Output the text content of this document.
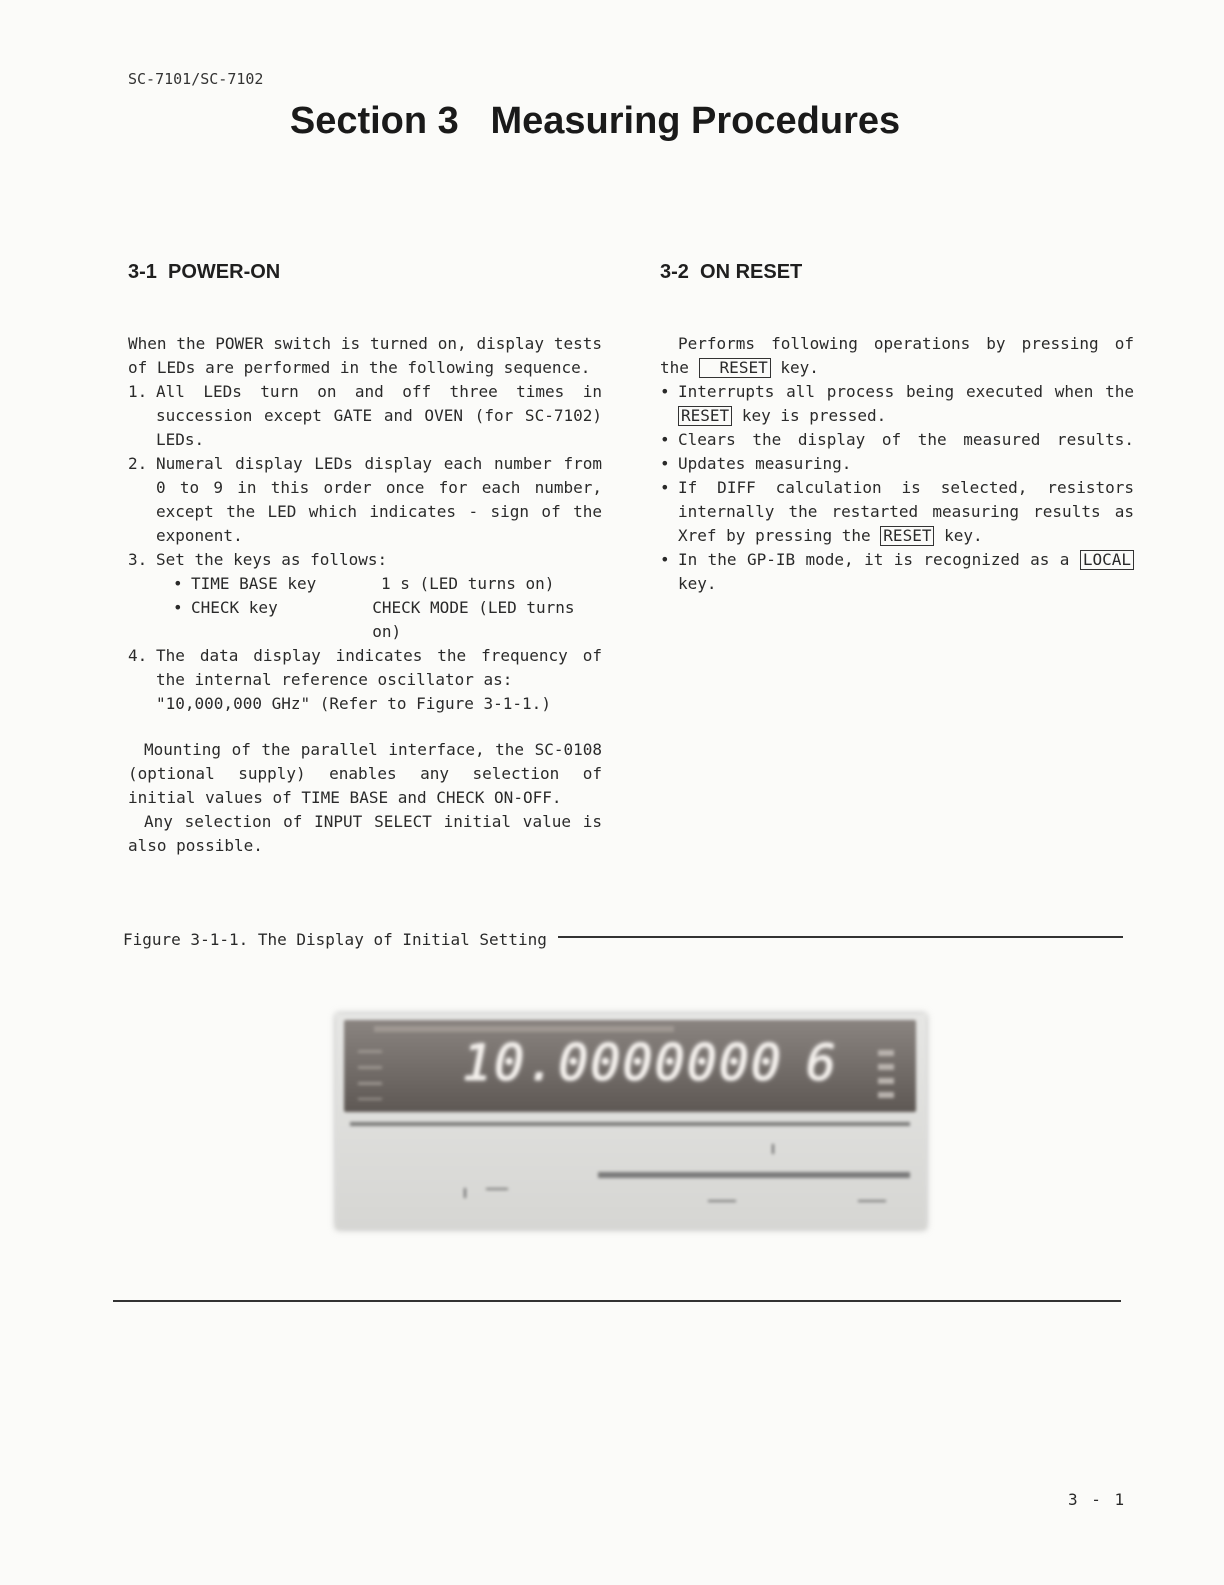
SC-7101/SC-7102
Section 3   Measuring Procedures
3-1  POWER-ON

When the POWER switch is turned on, display tests of LEDs are performed in the following sequence.

1. All LEDs turn on and off three times in succession except GATE and OVEN (for SC-7102) LEDs.

2. Numeral display LEDs display each number from 0 to 9 in this order once for each number, except the LED which indicates - sign of the exponent.

3. Set the keys as follows:

• TIME BASE key	1 s (LED turns on)
• CHECK key	CHECK MODE (LED turns on)

4. The data display indicates the frequency of the internal reference oscillator as:

"10,000,000 GHz" (Refer to Figure 3-1-1.)

Mounting of the parallel interface, the SC-0108 (optional supply) enables any selection of initial values of TIME BASE and CHECK ON-OFF.

Any selection of INPUT SELECT initial value is also possible.

3-2  ON RESET

Performs following operations by pressing of the RESET key.

• Interrupts all process being executed when the RESET key is pressed.

• Clears the display of the measured results.

• Updates measuring.

• If DIFF calculation is selected, resistors internally the restarted measuring results as Xref by pressing the RESET key.

• In the GP-IB mode, it is recognized as a LOCAL key.

Figure 3-1-1. The Display of Initial Setting
10.0000000 6
3 - 1
